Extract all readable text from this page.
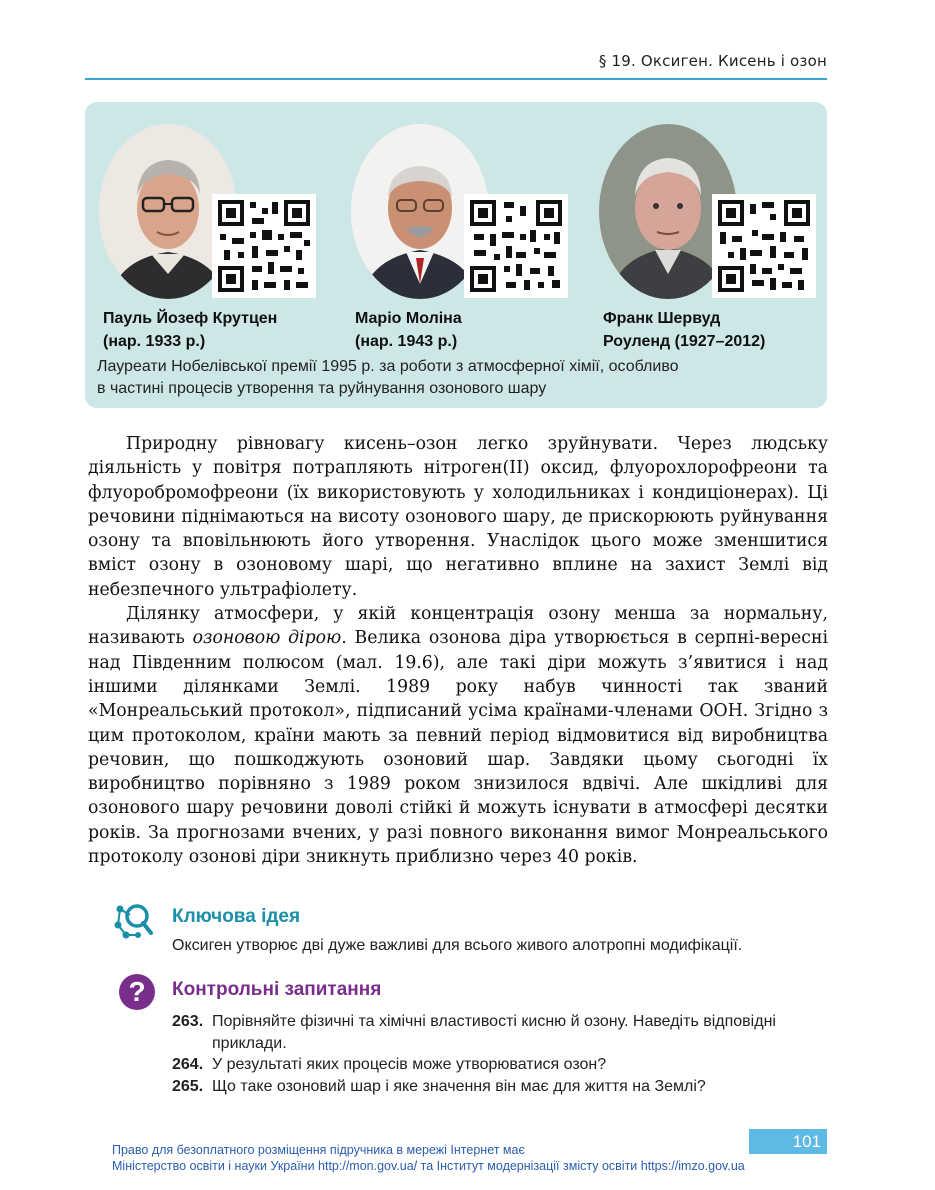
§ 19. Оксиген. Кисень і озон
Пауль Йозеф Крутцен
(нар. 1933 р.)
Маріо Моліна
(нар. 1943 р.)
Франк Шервуд
Роуленд (1927–2012)
Лауреати Нобелівської премії 1995 р. за роботи з атмосферної хімії, особливо
в частині процесів утворення та руйнування озонового шару

Природну рівновагу кисень–озон легко зруйнувати. Через людську діяльність у повітря потрапляють нітроген(ІІ) оксид, флуорохлорофреони та флуоробромофреони (їх використовують у холодильниках і кондиціонерах). Ці речовини піднімаються на висоту озонового шару, де прискорюють руйнування озону та вповільнюють його утворення. Унаслідок цього може зменшитися вміст озону в озоновому шарі, що негативно вплине на захист Землі від небезпечного ультрафіолету.

Ділянку атмосфери, у якій концентрація озону менша за нормальну, називають озоновою дірою. Велика озонова діра утворюється в серпні-вересні над Південним полюсом (мал. 19.6), але такі діри можуть з’явитися і над іншими ділянками Землі. 1989 року набув чинності так званий «Монреальський протокол», підписаний усіма країнами-членами ООН. Згідно з цим протоколом, країни мають за певний період відмовитися від виробництва речовин, що пошкоджують озоновий шар. Завдяки цьому сьогодні їх виробництво порівняно з 1989 роком знизилося вдвічі. Але шкідливі для озонового шару речовини доволі стійкі й можуть існувати в атмосфері десятки років. За прогнозами вчених, у разі повного виконання вимог Монреальського протоколу озонові діри зникнуть приблизно через 40 років.

Ключова ідея
Оксиген утворює дві дуже важливі для всього живого алотропні модифікації.
?	Контрольні запитання
263. Порівняйте фізичні та хімічні властивості кисню й озону. Наведіть відповідні приклади.
264. У результаті яких процесів може утворюватися озон?
265. Що таке озоновий шар і яке значення він має для життя на Землі?
101
Право для безоплатного розміщення підручника в мережі Інтернет має
Міністерство освіти і науки України http://mon.gov.ua/ та Інститут модернізації змісту освіти https://imzo.gov.ua
